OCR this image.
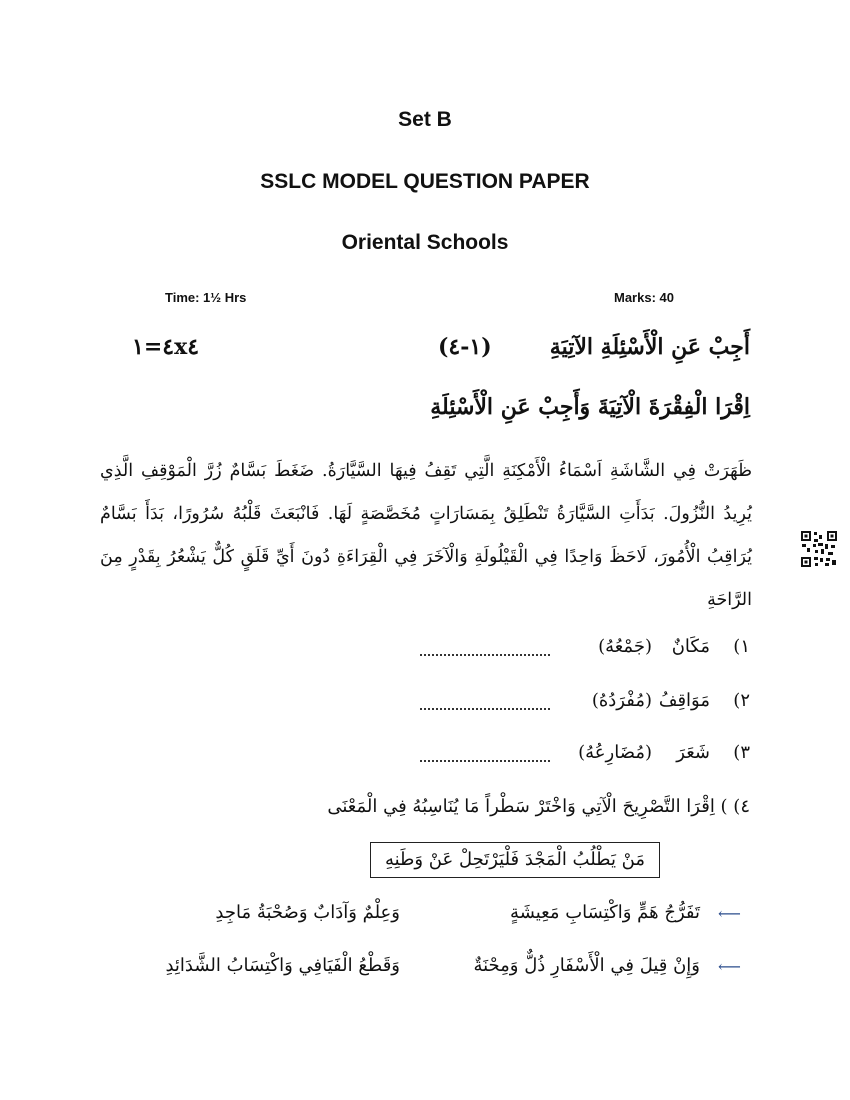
Set B
SSLC MODEL QUESTION PAPER
Oriental Schools
Time: 1½ Hrs	Marks: 40
أَجِبْ عَنِ الْأَسْئِلَةِ الآتِيَةِ
(١-٤)
٤=١x٤
اِقْرَا الْفِقْرَةَ الْآتِيَةَ وَأَجِبْ عَنِ الْأَسْئِلَةِ
ظَهَرَتْ فِي الشَّاشَةِ اَسْمَاءُ الْأَمْكِنَةِ الَّتِي تَقِفُ فِيهَا السَّيَّارَةُ. ضَغَطَ بَسَّامٌ زُرَّ الْمَوْقِفِ الَّذِي يُرِيدُ النُّزُولَ. بَدَأَتِ السَّيَّارَةُ تَنْطَلِقُ بِمَسَارَاتٍ مُخَصَّصَةٍ لَهَا. فَانْبَعَثَ قَلْبُهُ سُرُورًا، بَدَأَ بَسَّامٌ يُرَاقِبُ الْأُمُورَ، لَاحَظَ وَاحِدًا فِي الْقَيْلُولَةِ وَالْآخَرَ فِي الْقِرَاءَةِ دُونَ أَيِّ قَلَقٍ كُلٌّ يَشْعُرُ بِقَدْرٍ مِنَ الرَّاحَةِ
١)
مَكَانٌ
(جَمْعُهُ)
٢)
مَوَاقِفُ
(مُفْرَدُهُ)
٣)
شَعَرَ
(مُضَارِعُهُ)
٤) ) اِقْرَا التَّصْرِيحَ الْآتِي وَاخْتَرْ سَطْراً مَا يُنَاسِبُهُ فِي الْمَعْنَى
مَنْ يَطْلُبُ الْمَجْدَ فَلْيَرْتَحِلْ عَنْ وَطَنِهِ
⟵
تَفَرُّجُ هَمٍّ وَاكْتِسَابِ مَعِيشَةٍ
وَعِلْمٌ وَآدَابٌ وَصُحْبَةُ مَاجِدِ
⟵
وَإِنْ قِيلَ فِي الْأَسْفَارِ ذُلٌّ وَمِحْنَةٌ
وَقَطْعُ الْفَيَافِي وَاكْتِسَابُ الشَّدَائِدِ
